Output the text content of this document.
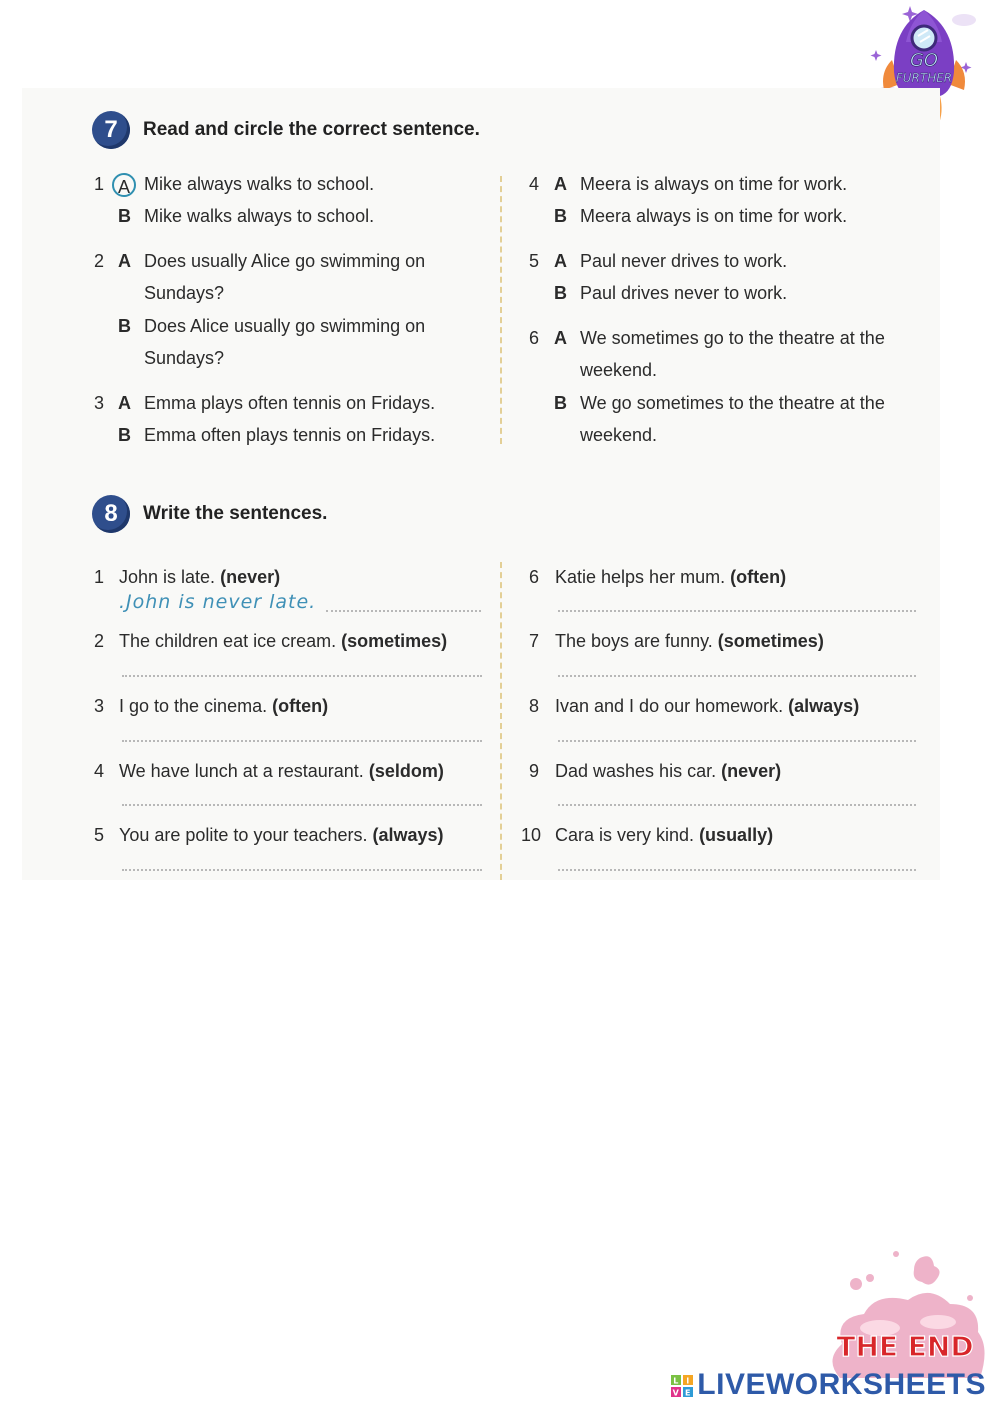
GO
FURTHER
7	Read and circle the correct sentence.
1 A Mike always walks to school.
B Mike walks always to school.
2 A Does usually Alice go swimming on
Sundays?
B Does Alice usually go swimming on
Sundays?
3 A Emma plays often tennis on Fridays.
B Emma often plays tennis on Fridays.
4 A Meera is always on time for work.
B Meera always is on time for work.
5 A Paul never drives to work.
B Paul drives never to work.
6 A We sometimes go to the theatre at the
weekend.
B We go sometimes to the theatre at the
weekend.
8	Write the sentences.
1 John is late. (never)
.John is never late.
2 The children eat ice cream. (sometimes)
3 I go to the cinema. (often)
4 We have lunch at a restaurant. (seldom)
5 You are polite to your teachers. (always)
6 Katie helps her mum. (often)
7 The boys are funny. (sometimes)
8 Ivan and I do our homework. (always)
9 Dad washes his car. (never)
10 Cara is very kind. (usually)
THE END
L I
V E LIVEWORKSHEETS
